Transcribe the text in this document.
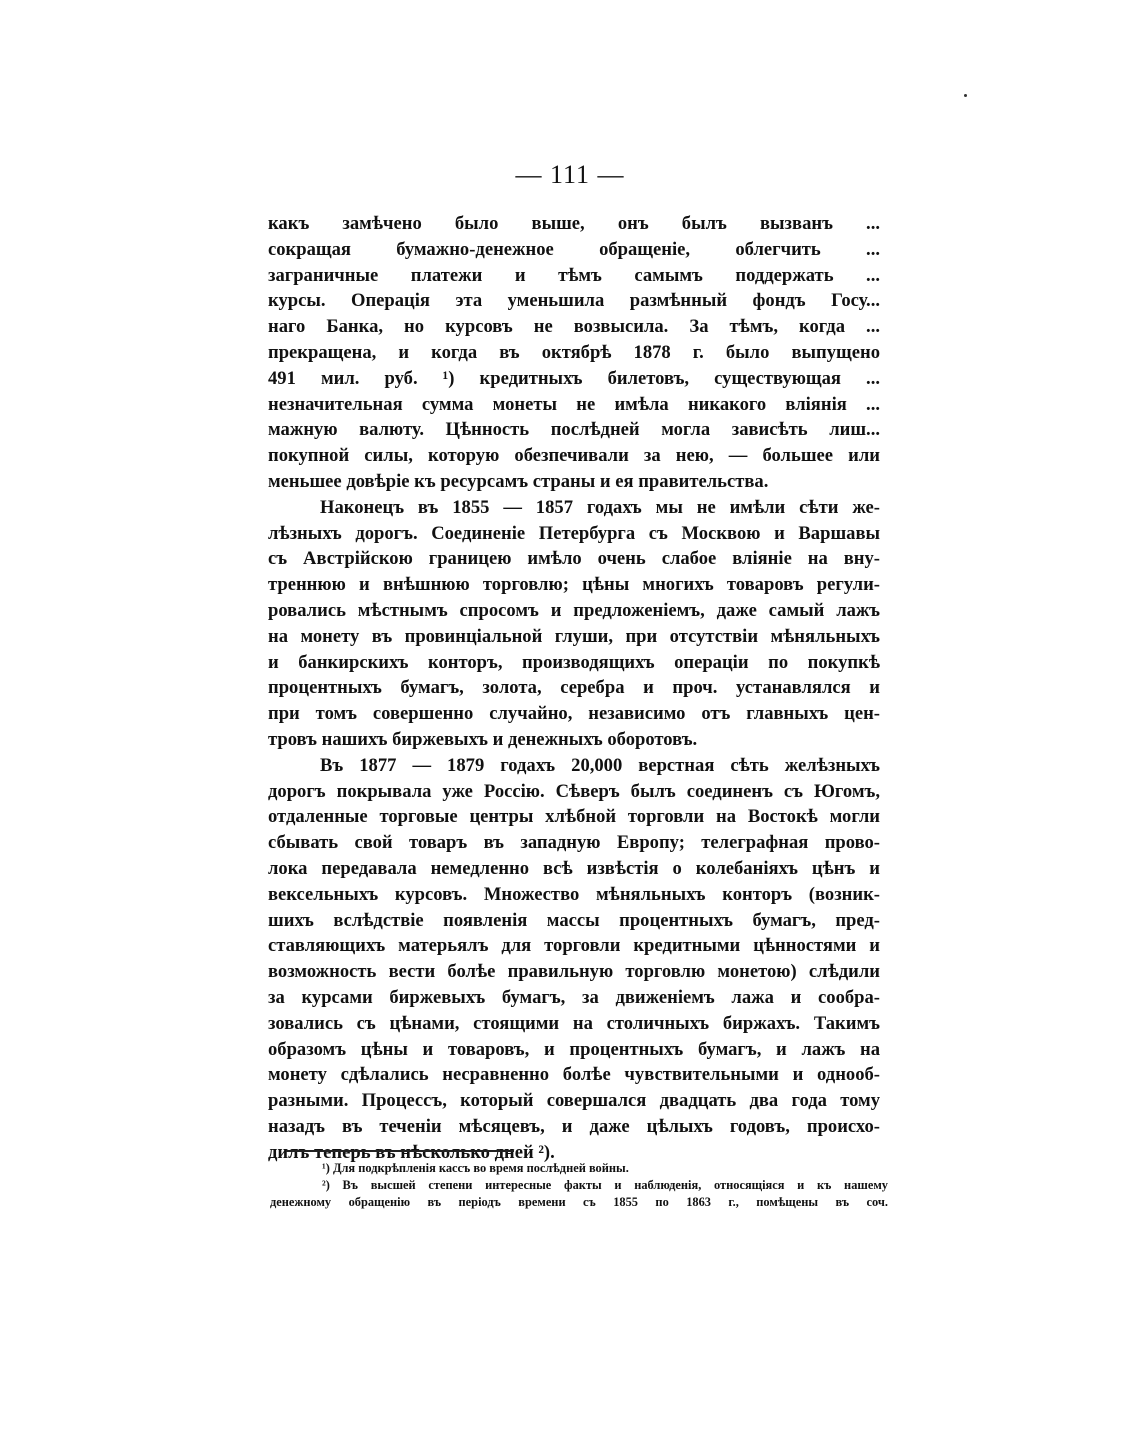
— 111 —
какъ замѣчено было выше, онъ былъ вызванъ ...
сокращая бумажно-денежное обращеніе, облегчить ...
заграничные платежи и тѣмъ самымъ поддержать ...
курсы. Операція эта уменьшила размѣнный фондъ Госу...
наго Банка, но курсовъ не возвысила. За тѣмъ, когда ...
прекращена, и когда въ октябрѣ 1878 г. было выпущено
491 мил. руб. ¹) кредитныхъ билетовъ, существующая ...
незначительная сумма монеты не имѣла никакого вліянія ...
мажную валюту. Цѣнность послѣдней могла зависѣть лиш...
покупной силы, которую обезпечивали за нею, — большее или
меньшее довѣріе къ ресурсамъ страны и ея правительства.
Наконецъ въ 1855 — 1857 годахъ мы не имѣли сѣти же-
лѣзныхъ дорогъ. Соединеніе Петербурга съ Москвою и Варшавы
съ Австрійскою границею имѣло очень слабое вліяніе на вну-
треннюю и внѣшнюю торговлю; цѣны многихъ товаровъ регули-
ровались мѣстнымъ спросомъ и предложеніемъ, даже самый лажъ
на монету въ провинціальной глуши, при отсутствіи мѣняльныхъ
и банкирскихъ конторъ, производящихъ операціи по покупкѣ
процентныхъ бумагъ, золота, серебра и проч. устанавлялся и
при томъ совершенно случайно, независимо отъ главныхъ цен-
тровъ нашихъ биржевыхъ и денежныхъ оборотовъ.
Въ 1877 — 1879 годахъ 20,000 верстная сѣть желѣзныхъ
дорогъ покрывала уже Россію. Сѣверъ былъ соединенъ съ Югомъ,
отдаленные торговые центры хлѣбной торговли на Востокѣ могли
сбывать свой товаръ въ западную Европу; телеграфная прово-
лока передавала немедленно всѣ извѣстія о колебаніяхъ цѣнъ и
вексельныхъ курсовъ. Множество мѣняльныхъ конторъ (возник-
шихъ вслѣдствіе появленія массы процентныхъ бумагъ, пред-
ставляющихъ матерьялъ для торговли кредитными цѣнностями и
возможность вести болѣе правильную торговлю монетою) слѣдили
за курсами биржевыхъ бумагъ, за движеніемъ лажа и сообра-
зовались съ цѣнами, стоящими на столичныхъ биржахъ. Такимъ
образомъ цѣны и товаровъ, и процентныхъ бумагъ, и лажъ на
монету сдѣлались несравненно болѣе чувствительными и однооб-
разными. Процессъ, который совершался двадцать два года тому
назадъ въ теченіи мѣсяцевъ, и даже цѣлыхъ годовъ, происхо-
дилъ теперь въ нѣсколько дней ²).
¹) Для подкрѣпленія кассъ во время послѣдней войны.
²) Въ высшей степени интересные факты и наблюденія, относящіяся и къ нашему
денежному обращенію въ періодъ времени съ 1855 по 1863 г., помѣщены въ соч.
